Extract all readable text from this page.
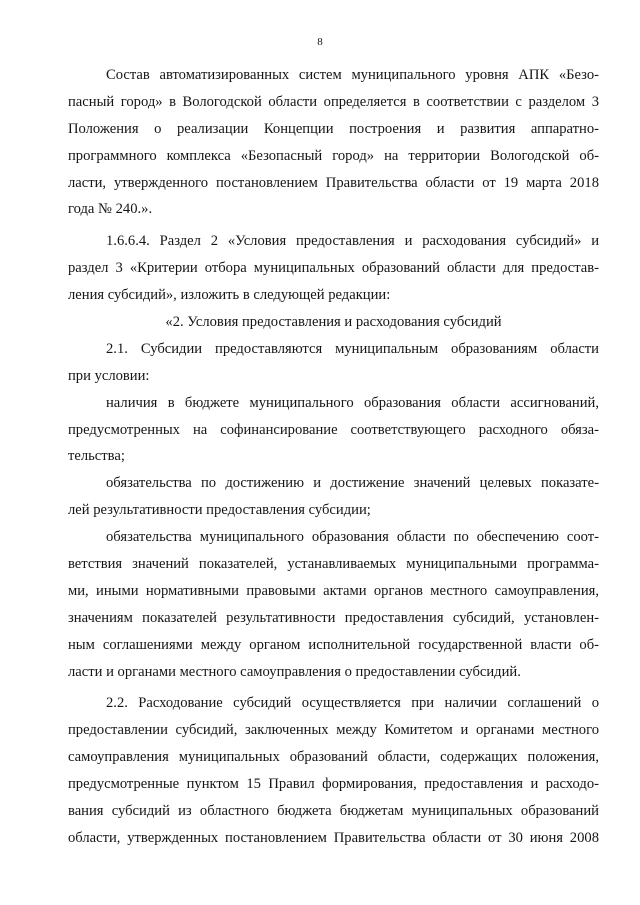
8
Состав автоматизированных систем муниципального уровня АПК «Безо-
пасный город» в Вологодской области определяется в соответствии с разделом 3
Положения о реализации Концепции построения и развития аппаратно-
программного комплекса «Безопасный город» на территории Вологодской об-
ласти, утвержденного постановлением Правительства области от 19 марта 2018
года № 240.».
1.6.6.4. Раздел 2 «Условия предоставления и расходования субсидий» и
раздел 3 «Критерии отбора муниципальных образований области для предостав-
ления субсидий», изложить в следующей редакции:
«2. Условия предоставления и расходования субсидий
2.1. Субсидии предоставляются муниципальным образованиям области
при условии:
наличия в бюджете муниципального образования области ассигнований,
предусмотренных на софинансирование соответствующего расходного обяза-
тельства;
обязательства по достижению и достижение значений целевых показате-
лей результативности предоставления субсидии;
обязательства муниципального образования области по обеспечению соот-
ветствия значений показателей, устанавливаемых муниципальными программа-
ми, иными нормативными правовыми актами органов местного самоуправления,
значениям показателей результативности предоставления субсидий, установлен-
ным соглашениями между органом исполнительной государственной власти об-
ласти и органами местного самоуправления о предоставлении субсидий.
2.2. Расходование субсидий осуществляется при наличии соглашений о
предоставлении субсидий, заключенных между Комитетом и органами местного
самоуправления муниципальных образований области, содержащих положения,
предусмотренные пунктом 15 Правил формирования, предоставления и расходо-
вания субсидий из областного бюджета бюджетам муниципальных образований
области, утвержденных постановлением Правительства области от 30 июня 2008
